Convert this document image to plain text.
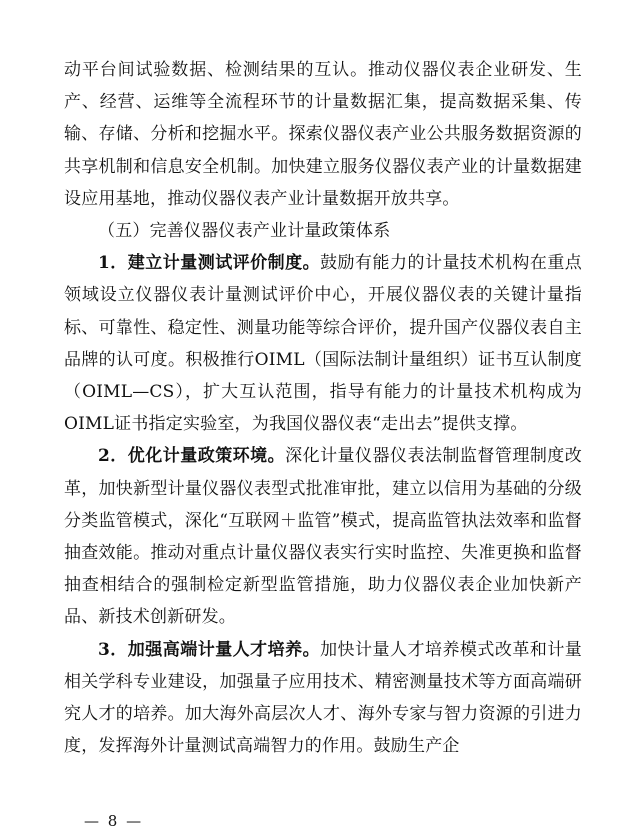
动平台间试验数据、检测结果的互认。推动仪器仪表企业研发、生产、经营、运维等全流程环节的计量数据汇集，提高数据采集、传输、存储、分析和挖掘水平。探索仪器仪表产业公共服务数据资源的共享机制和信息安全机制。加快建立服务仪器仪表产业的计量数据建设应用基地，推动仪器仪表产业计量数据开放共享。

（五）完善仪器仪表产业计量政策体系

1．建立计量测试评价制度。鼓励有能力的计量技术机构在重点领域设立仪器仪表计量测试评价中心，开展仪器仪表的关键计量指标、可靠性、稳定性、测量功能等综合评价，提升国产仪器仪表自主品牌的认可度。积极推行OIML（国际法制计量组织）证书互认制度（OIML—CS），扩大互认范围，指导有能力的计量技术机构成为OIML证书指定实验室，为我国仪器仪表“走出去”提供支撑。

2．优化计量政策环境。深化计量仪器仪表法制监督管理制度改革，加快新型计量仪器仪表型式批准审批，建立以信用为基础的分级分类监管模式，深化“互联网＋监管”模式，提高监管执法效率和监督抽查效能。推动对重点计量仪器仪表实行实时监控、失准更换和监督抽查相结合的强制检定新型监管措施，助力仪器仪表企业加快新产品、新技术创新研发。

3．加强高端计量人才培养。加快计量人才培养模式改革和计量相关学科专业建设，加强量子应用技术、精密测量技术等方面高端研究人才的培养。加大海外高层次人才、海外专家与智力资源的引进力度，发挥海外计量测试高端智力的作用。鼓励生产企

— 8 —
